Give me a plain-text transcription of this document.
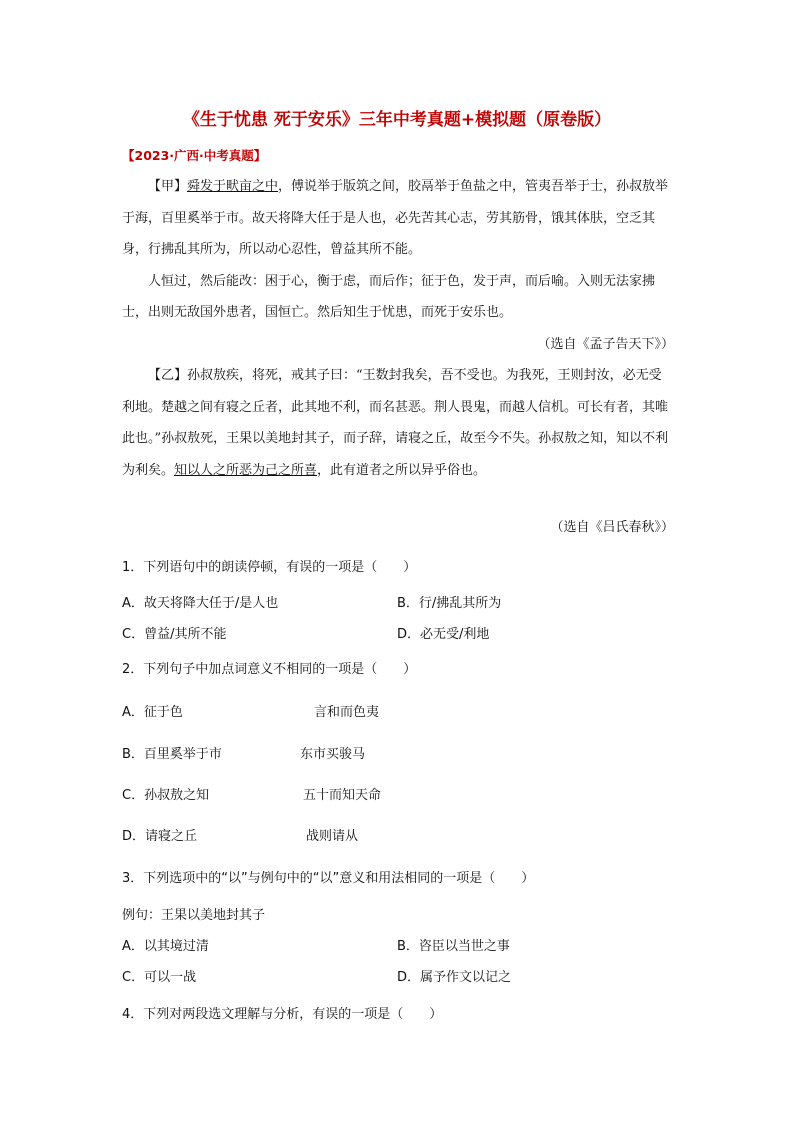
《生于忧患 死于安乐》三年中考真题+模拟题（原卷版）
【2023·广西·中考真题】

【甲】舜发于畎亩之中，傅说举于版筑之间，胶鬲举于鱼盐之中，管夷吾举于士，孙叔敖举于海，百里奚举于市。故天将降大任于是人也，必先苦其心志，劳其筋骨，饿其体肤，空乏其身，行拂乱其所为，所以动心忍性，曾益其所不能。

人恒过，然后能改：困于心，衡于虑，而后作；征于色，发于声，而后喻。入则无法家拂士，出则无敌国外患者，国恒亡。然后知生于忧患，而死于安乐也。

（选自《孟子告天下》）

【乙】孙叔敖疾，将死，戒其子曰：“王数封我矣，吾不受也。为我死，王则封汝，必无受利地。楚越之间有寝之丘者，此其地不利，而名甚恶。荆人畏鬼，而越人信机。可长有者，其唯此也。”孙叔敖死，王果以美地封其子，而子辞，请寝之丘，故至今不失。孙叔敖之知，知以不利为利矣。知以人之所恶为己之所喜，此有道者之所以异乎俗也。

（选自《吕氏春秋》）
1．下列语句中的朗读停顿，有误的一项是（　　）
A．故天将降大任于/是人也	B．行/拂乱其所为
C．曾益/其所不能	D．必无受/利地
2．下列句子中加点词意义不相同的一项是（　　）
A．征于色	言和而色夷
B．百里奚举于市	东市买骏马
C．孙叔敖之知	五十而知天命
D．请寝之丘	战则请从
3．下列选项中的“以”与例句中的“以”意义和用法相同的一项是（　　）
例句：王果以美地封其子
A．以其境过清	B．咨臣以当世之事
C．可以一战	D．属予作文以记之
4．下列对两段选文理解与分析，有误的一项是（　　）
